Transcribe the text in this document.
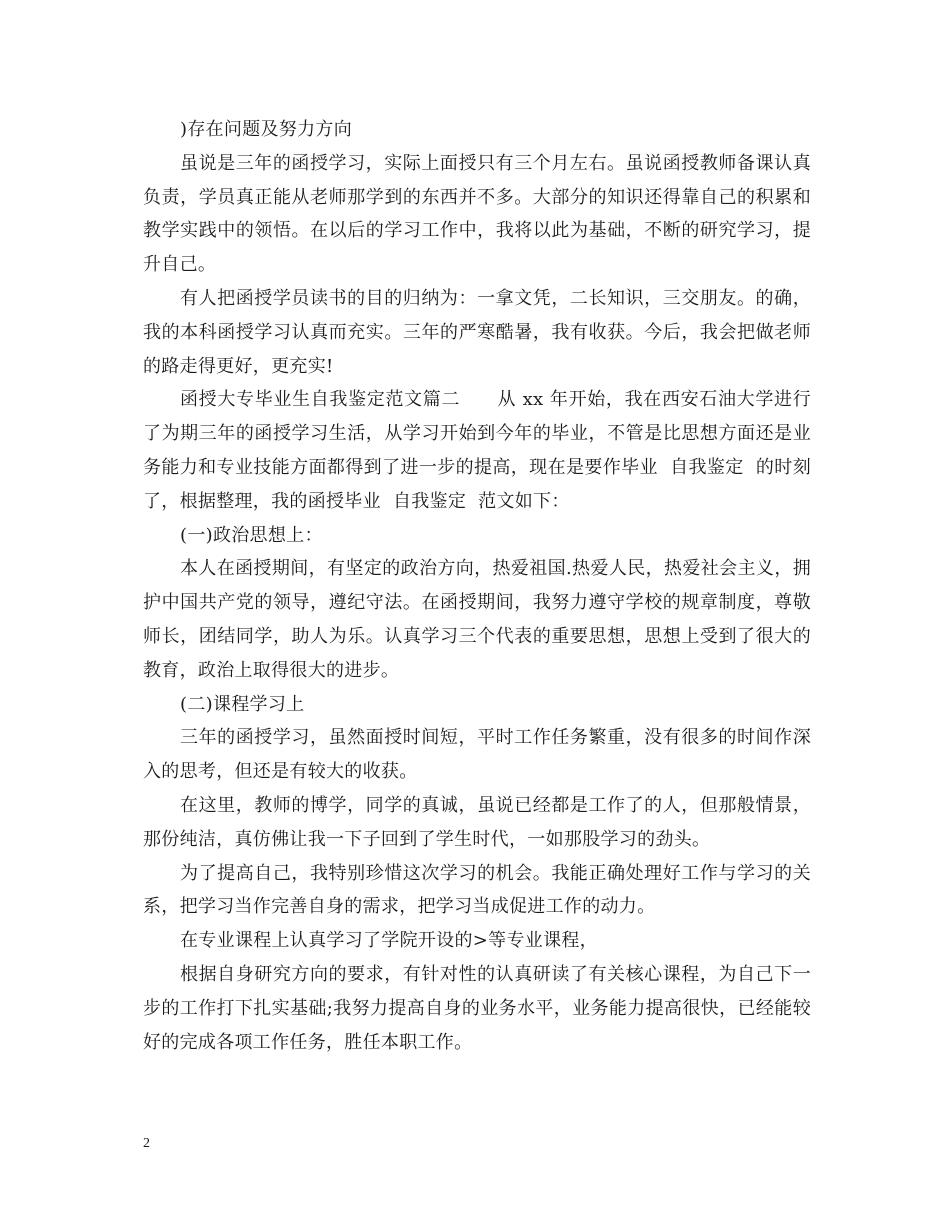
)存在问题及努力方向

虽说是三年的函授学习，实际上面授只有三个月左右。虽说函授教师备课认真负责，学员真正能从老师那学到的东西并不多。大部分的知识还得靠自己的积累和教学实践中的领悟。在以后的学习工作中，我将以此为基础，不断的研究学习，提升自己。

有人把函授学员读书的目的归纳为：一拿文凭，二长知识，三交朋友。的确，我的本科函授学习认真而充实。三年的严寒酷暑，我有收获。今后，我会把做老师的路走得更好，更充实!

函授大专毕业生自我鉴定范文篇二　　从 xx 年开始，我在西安石油大学进行了为期三年的函授学习生活，从学习开始到今年的毕业，不管是比思想方面还是业务能力和专业技能方面都得到了进一步的提高，现在是要作毕业  自我鉴定  的时刻了，根据整理，我的函授毕业  自我鉴定  范文如下：

(一)政治思想上：

本人在函授期间，有坚定的政治方向，热爱祖国.热爱人民，热爱社会主义，拥护中国共产党的领导，遵纪守法。在函授期间，我努力遵守学校的规章制度，尊敬师长，团结同学，助人为乐。认真学习三个代表的重要思想，思想上受到了很大的教育，政治上取得很大的进步。

(二)课程学习上

三年的函授学习，虽然面授时间短，平时工作任务繁重，没有很多的时间作深入的思考，但还是有较大的收获。

在这里，教师的博学，同学的真诚，虽说已经都是工作了的人，但那般情景，那份纯洁，真仿佛让我一下子回到了学生时代，一如那股学习的劲头。

为了提高自己，我特别珍惜这次学习的机会。我能正确处理好工作与学习的关系，把学习当作完善自身的需求，把学习当成促进工作的动力。

在专业课程上认真学习了学院开设的>等专业课程，

根据自身研究方向的要求，有针对性的认真研读了有关核心课程，为自己下一步的工作打下扎实基础;我努力提高自身的业务水平，业务能力提高很快，已经能较好的完成各项工作任务，胜任本职工作。

2
